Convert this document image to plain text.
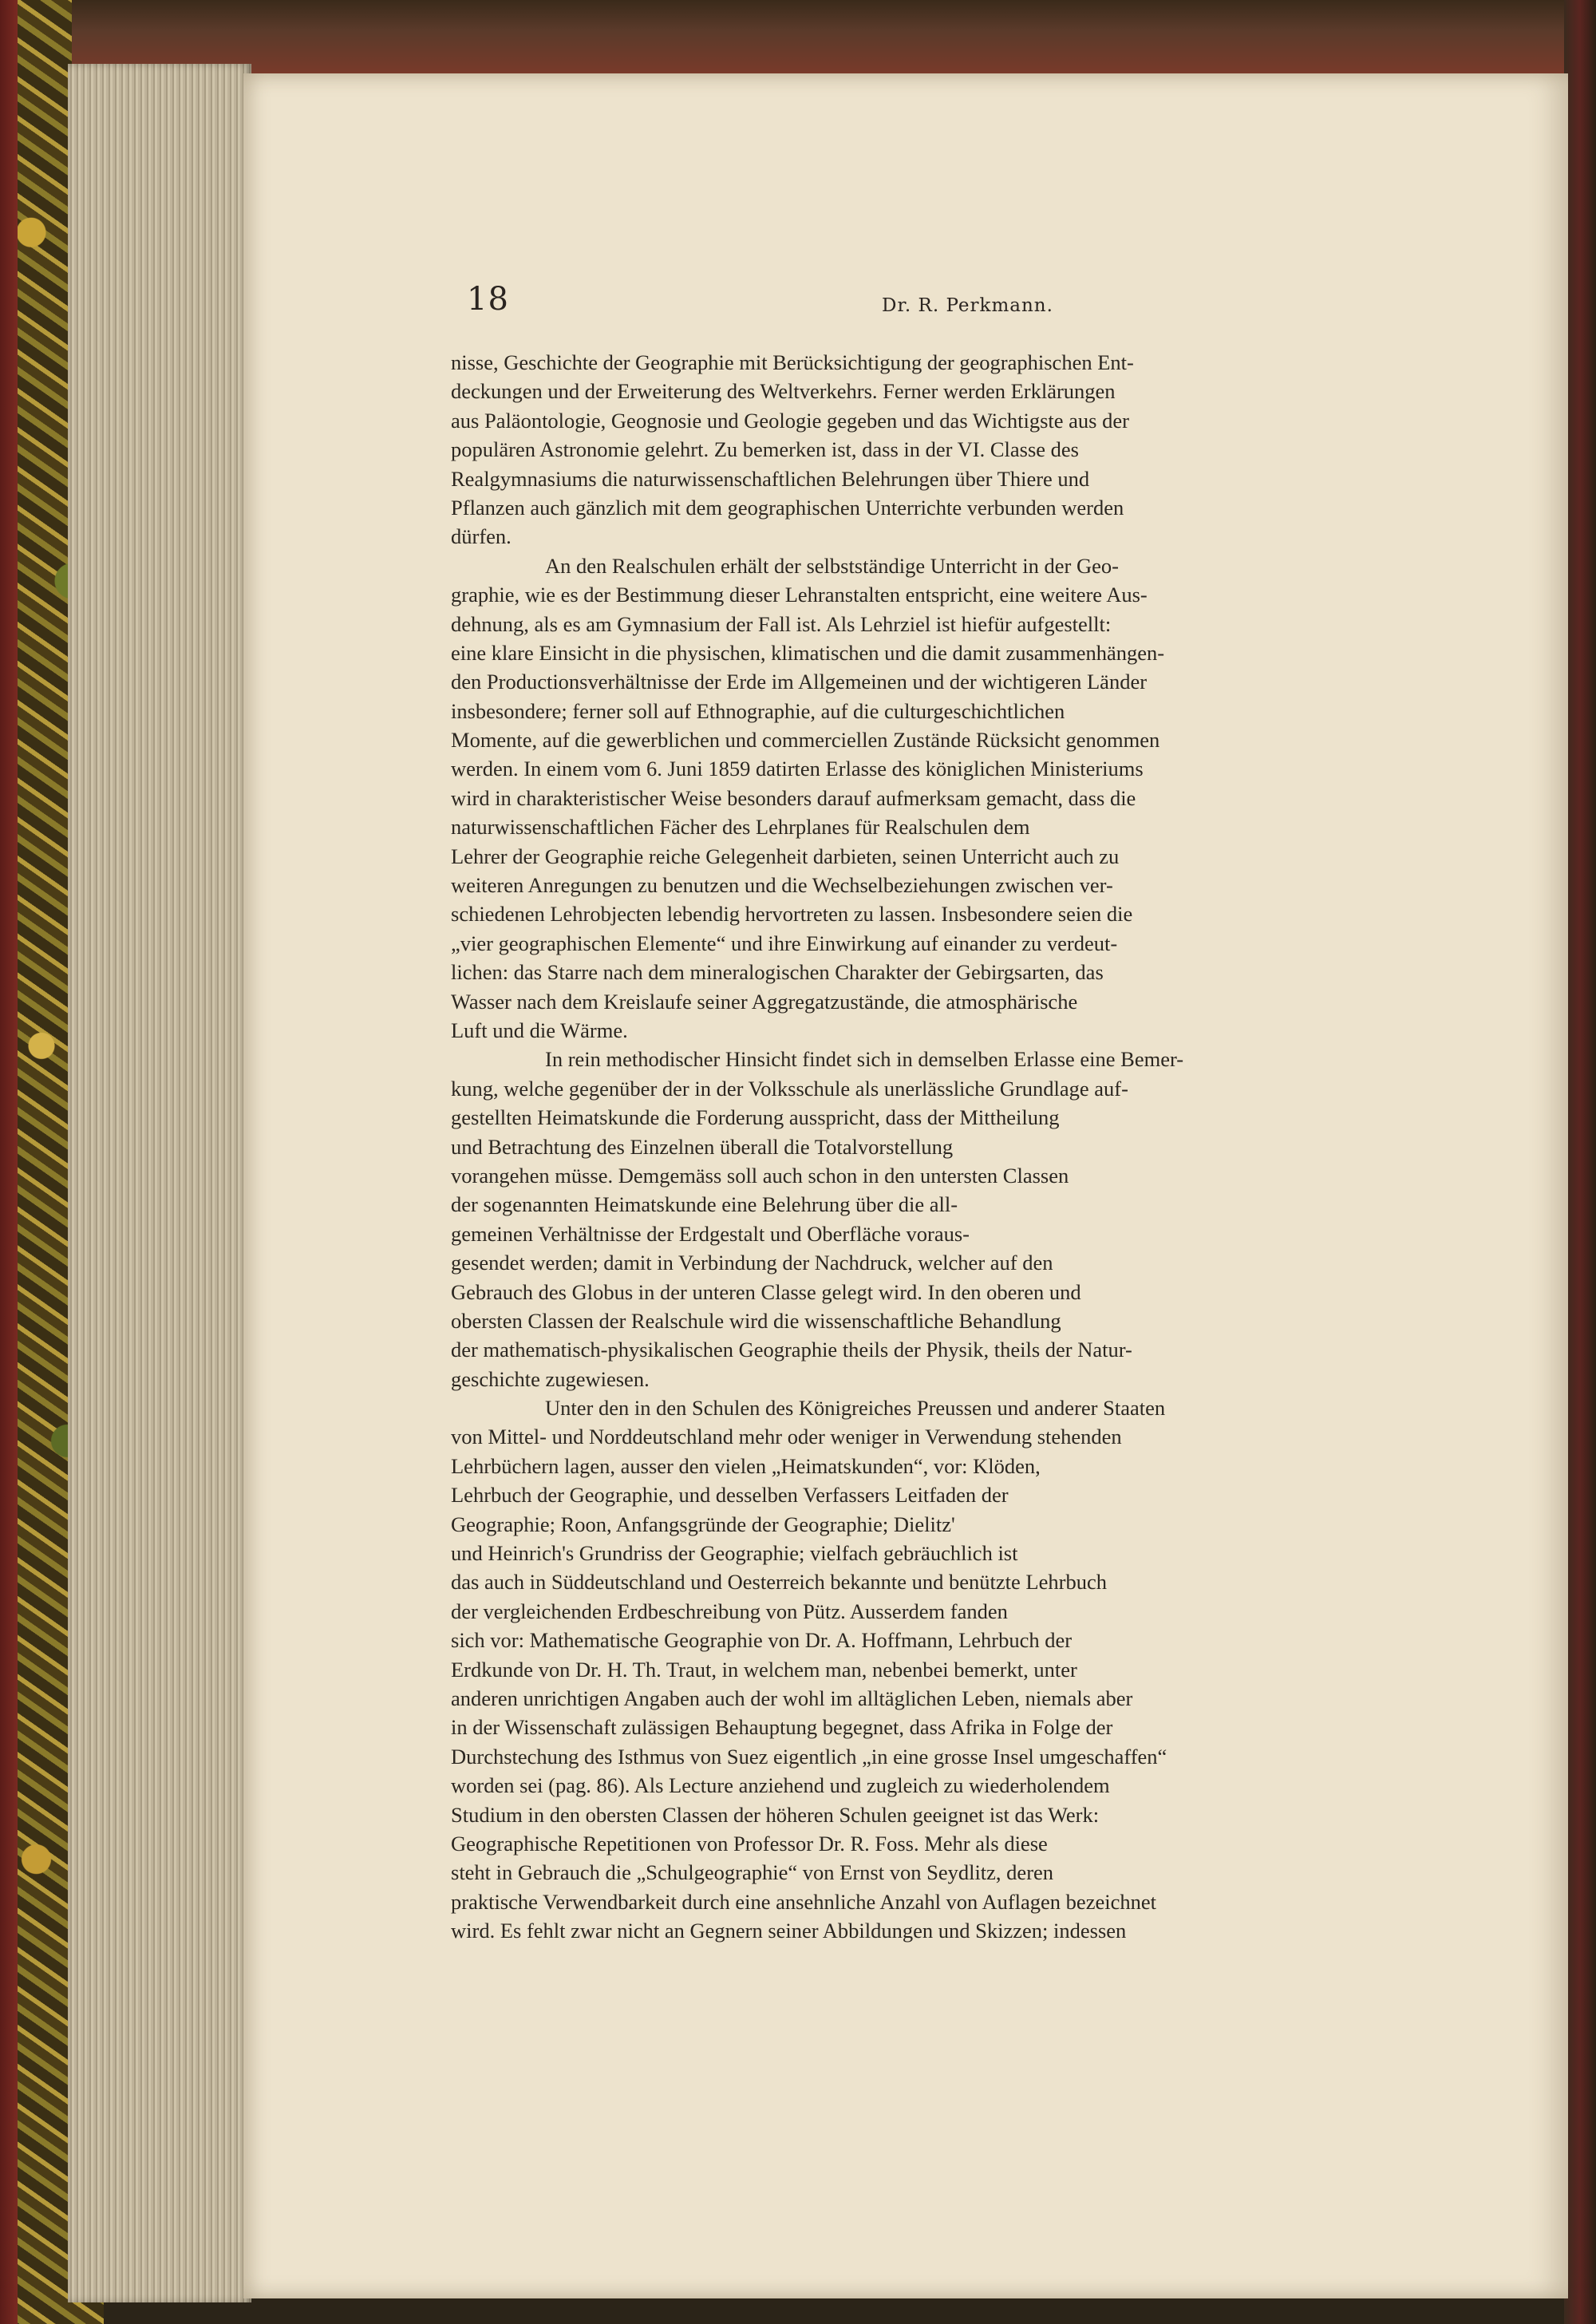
18	Dr. R. Perkmann.
nisse, Geschichte der Geographie mit Berücksichtigung der geographischen Ent-
deckungen und der Erweiterung des Weltverkehrs. Ferner werden Erklärungen
aus Paläontologie, Geognosie und Geologie gegeben und das Wichtigste aus der
populären Astronomie gelehrt. Zu bemerken ist, dass in der VI. Classe des
Realgymnasiums die naturwissenschaftlichen Belehrungen über Thiere und
Pflanzen auch gänzlich mit dem geographischen Unterrichte verbunden werden
dürfen.
An den Realschulen erhält der selbstständige Unterricht in der Geo-
graphie, wie es der Bestimmung dieser Lehranstalten entspricht, eine weitere Aus-
dehnung, als es am Gymnasium der Fall ist. Als Lehrziel ist hiefür aufgestellt:
eine klare Einsicht in die physischen, klimatischen und die damit zusammenhängen-
den Productionsverhältnisse der Erde im Allgemeinen und der wichtigeren Länder
insbesondere; ferner soll auf Ethnographie, auf die culturgeschichtlichen
Momente, auf die gewerblichen und commerciellen Zustände Rücksicht genommen
werden. In einem vom 6. Juni 1859 datirten Erlasse des königlichen Ministeriums
wird in charakteristischer Weise besonders darauf aufmerksam gemacht, dass die
naturwissenschaftlichen Fächer des Lehrplanes für Realschulen dem
Lehrer der Geographie reiche Gelegenheit darbieten, seinen Unterricht auch zu
weiteren Anregungen zu benutzen und die Wechselbeziehungen zwischen ver-
schiedenen Lehrobjecten lebendig hervortreten zu lassen. Insbesondere seien die
„vier geographischen Elemente“ und ihre Einwirkung auf einander zu verdeut-
lichen: das Starre nach dem mineralogischen Charakter der Gebirgsarten, das
Wasser nach dem Kreislaufe seiner Aggregatzustände, die atmosphärische
Luft und die Wärme.
In rein methodischer Hinsicht findet sich in demselben Erlasse eine Bemer-
kung, welche gegenüber der in der Volksschule als unerlässliche Grundlage auf-
gestellten Heimatskunde die Forderung ausspricht, dass der Mittheilung
und Betrachtung des Einzelnen überall die Totalvorstellung
vorangehen müsse. Demgemäss soll auch schon in den untersten Classen
der sogenannten Heimatskunde eine Belehrung über die all-
gemeinen Verhältnisse der Erdgestalt und Oberfläche voraus-
gesendet werden; damit in Verbindung der Nachdruck, welcher auf den
Gebrauch des Globus in der unteren Classe gelegt wird. In den oberen und
obersten Classen der Realschule wird die wissenschaftliche Behandlung
der mathematisch-physikalischen Geographie theils der Physik, theils der Natur-
geschichte zugewiesen.
Unter den in den Schulen des Königreiches Preussen und anderer Staaten
von Mittel- und Norddeutschland mehr oder weniger in Verwendung stehenden
Lehrbüchern lagen, ausser den vielen „Heimatskunden“, vor: Klöden,
Lehrbuch der Geographie, und desselben Verfassers Leitfaden der
Geographie; Roon, Anfangsgründe der Geographie; Dielitz'
und Heinrich's Grundriss der Geographie; vielfach gebräuchlich ist
das auch in Süddeutschland und Oesterreich bekannte und benützte Lehrbuch
der vergleichenden Erdbeschreibung von Pütz. Ausserdem fanden
sich vor: Mathematische Geographie von Dr. A. Hoffmann, Lehrbuch der
Erdkunde von Dr. H. Th. Traut, in welchem man, nebenbei bemerkt, unter
anderen unrichtigen Angaben auch der wohl im alltäglichen Leben, niemals aber
in der Wissenschaft zulässigen Behauptung begegnet, dass Afrika in Folge der
Durchstechung des Isthmus von Suez eigentlich „in eine grosse Insel umgeschaffen“
worden sei (pag. 86). Als Lecture anziehend und zugleich zu wiederholendem
Studium in den obersten Classen der höheren Schulen geeignet ist das Werk:
Geographische Repetitionen von Professor Dr. R. Foss. Mehr als diese
steht in Gebrauch die „Schulgeographie“ von Ernst von Seydlitz, deren
praktische Verwendbarkeit durch eine ansehnliche Anzahl von Auflagen bezeichnet
wird. Es fehlt zwar nicht an Gegnern seiner Abbildungen und Skizzen; indessen
